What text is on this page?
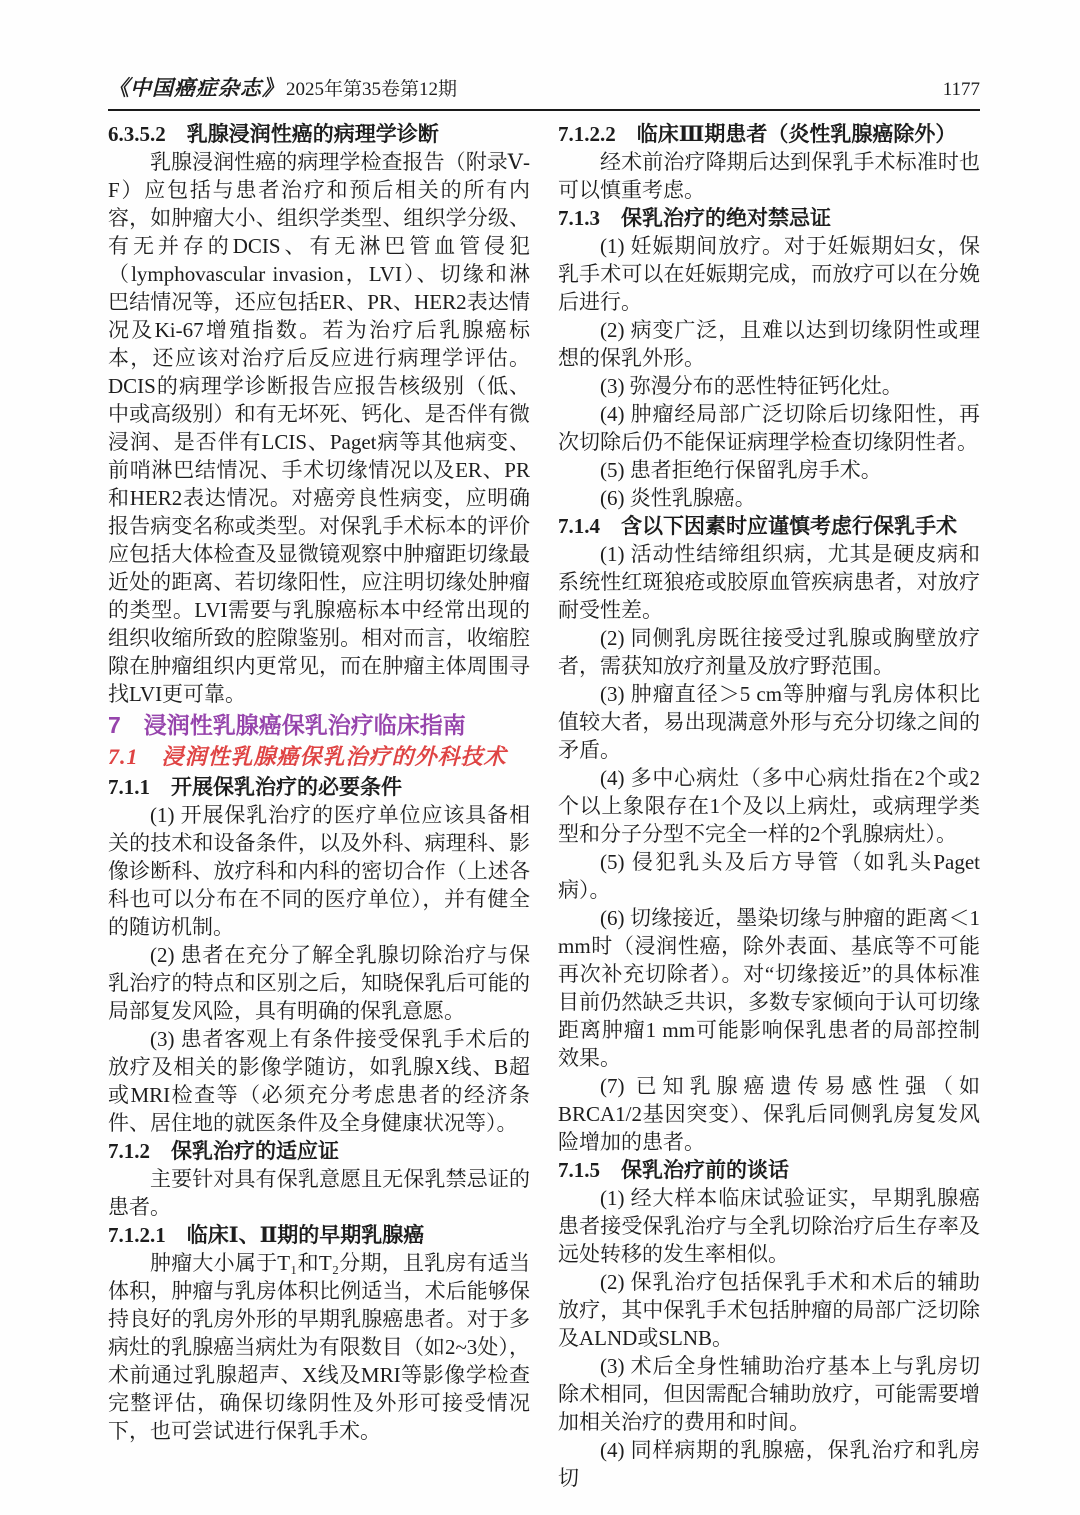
《中国癌症杂志》 2025年第35卷第12期	1177
6.3.5.2　乳腺浸润性癌的病理学诊断
乳腺浸润性癌的病理学检查报告（附录Ⅴ-F）应包括与患者治疗和预后相关的所有内容，如肿瘤大小、组织学类型、组织学分级、有无并存的DCIS、有无淋巴管血管侵犯（lymphovascular invasion，LVI）、切缘和淋巴结情况等，还应包括ER、PR、HER2表达情况及Ki-67增殖指数。若为治疗后乳腺癌标本，还应该对治疗后反应进行病理学评估。DCIS的病理学诊断报告应报告核级别（低、中或高级别）和有无坏死、钙化、是否伴有微浸润、是否伴有LCIS、Paget病等其他病变、前哨淋巴结情况、手术切缘情况以及ER、PR和HER2表达情况。对癌旁良性病变，应明确报告病变名称或类型。对保乳手术标本的评价应包括大体检查及显微镜观察中肿瘤距切缘最近处的距离、若切缘阳性，应注明切缘处肿瘤的类型。LVI需要与乳腺癌标本中经常出现的组织收缩所致的腔隙鉴别。相对而言，收缩腔隙在肿瘤组织内更常见，而在肿瘤主体周围寻找LVI更可靠。
7　浸润性乳腺癌保乳治疗临床指南
7.1　浸润性乳腺癌保乳治疗的外科技术
7.1.1　开展保乳治疗的必要条件
(1) 开展保乳治疗的医疗单位应该具备相关的技术和设备条件，以及外科、病理科、影像诊断科、放疗科和内科的密切合作（上述各科也可以分布在不同的医疗单位），并有健全的随访机制。
(2) 患者在充分了解全乳腺切除治疗与保乳治疗的特点和区别之后，知晓保乳后可能的局部复发风险，具有明确的保乳意愿。
(3) 患者客观上有条件接受保乳手术后的放疗及相关的影像学随访，如乳腺X线、B超或MRI检查等（必须充分考虑患者的经济条件、居住地的就医条件及全身健康状况等）。
7.1.2　保乳治疗的适应证
主要针对具有保乳意愿且无保乳禁忌证的患者。
7.1.2.1　临床Ⅰ、Ⅱ期的早期乳腺癌
肿瘤大小属于T₁和T₂分期，且乳房有适当体积，肿瘤与乳房体积比例适当，术后能够保持良好的乳房外形的早期乳腺癌患者。对于多病灶的乳腺癌当病灶为有限数目（如2~3处），术前通过乳腺超声、X线及MRI等影像学检查完整评估，确保切缘阴性及外形可接受情况下，也可尝试进行保乳手术。
7.1.2.2　临床Ⅲ期患者（炎性乳腺癌除外）
经术前治疗降期后达到保乳手术标准时也可以慎重考虑。
7.1.3　保乳治疗的绝对禁忌证
(1) 妊娠期间放疗。对于妊娠期妇女，保乳手术可以在妊娠期完成，而放疗可以在分娩后进行。
(2) 病变广泛，且难以达到切缘阴性或理想的保乳外形。
(3) 弥漫分布的恶性特征钙化灶。
(4) 肿瘤经局部广泛切除后切缘阳性，再次切除后仍不能保证病理学检查切缘阴性者。
(5) 患者拒绝行保留乳房手术。
(6) 炎性乳腺癌。
7.1.4　含以下因素时应谨慎考虑行保乳手术
(1) 活动性结缔组织病，尤其是硬皮病和系统性红斑狼疮或胶原血管疾病患者，对放疗耐受性差。
(2) 同侧乳房既往接受过乳腺或胸壁放疗者，需获知放疗剂量及放疗野范围。
(3) 肿瘤直径＞5 cm等肿瘤与乳房体积比值较大者，易出现满意外形与充分切缘之间的矛盾。
(4) 多中心病灶（多中心病灶指在2个或2个以上象限存在1个及以上病灶，或病理学类型和分子分型不完全一样的2个乳腺病灶）。
(5) 侵犯乳头及后方导管（如乳头Paget病）。
(6) 切缘接近，墨染切缘与肿瘤的距离＜1 mm时（浸润性癌，除外表面、基底等不可能再次补充切除者）。对“切缘接近”的具体标准目前仍然缺乏共识，多数专家倾向于认可切缘距离肿瘤1 mm可能影响保乳患者的局部控制效果。
(7) 已知乳腺癌遗传易感性强（如BRCA1/2基因突变）、保乳后同侧乳房复发风险增加的患者。
7.1.5　保乳治疗前的谈话
(1) 经大样本临床试验证实，早期乳腺癌患者接受保乳治疗与全乳切除治疗后生存率及远处转移的发生率相似。
(2) 保乳治疗包括保乳手术和术后的辅助放疗，其中保乳手术包括肿瘤的局部广泛切除及ALND或SLNB。
(3) 术后全身性辅助治疗基本上与乳房切除术相同，但因需配合辅助放疗，可能需要增加相关治疗的费用和时间。
(4) 同样病期的乳腺癌，保乳治疗和乳房切
